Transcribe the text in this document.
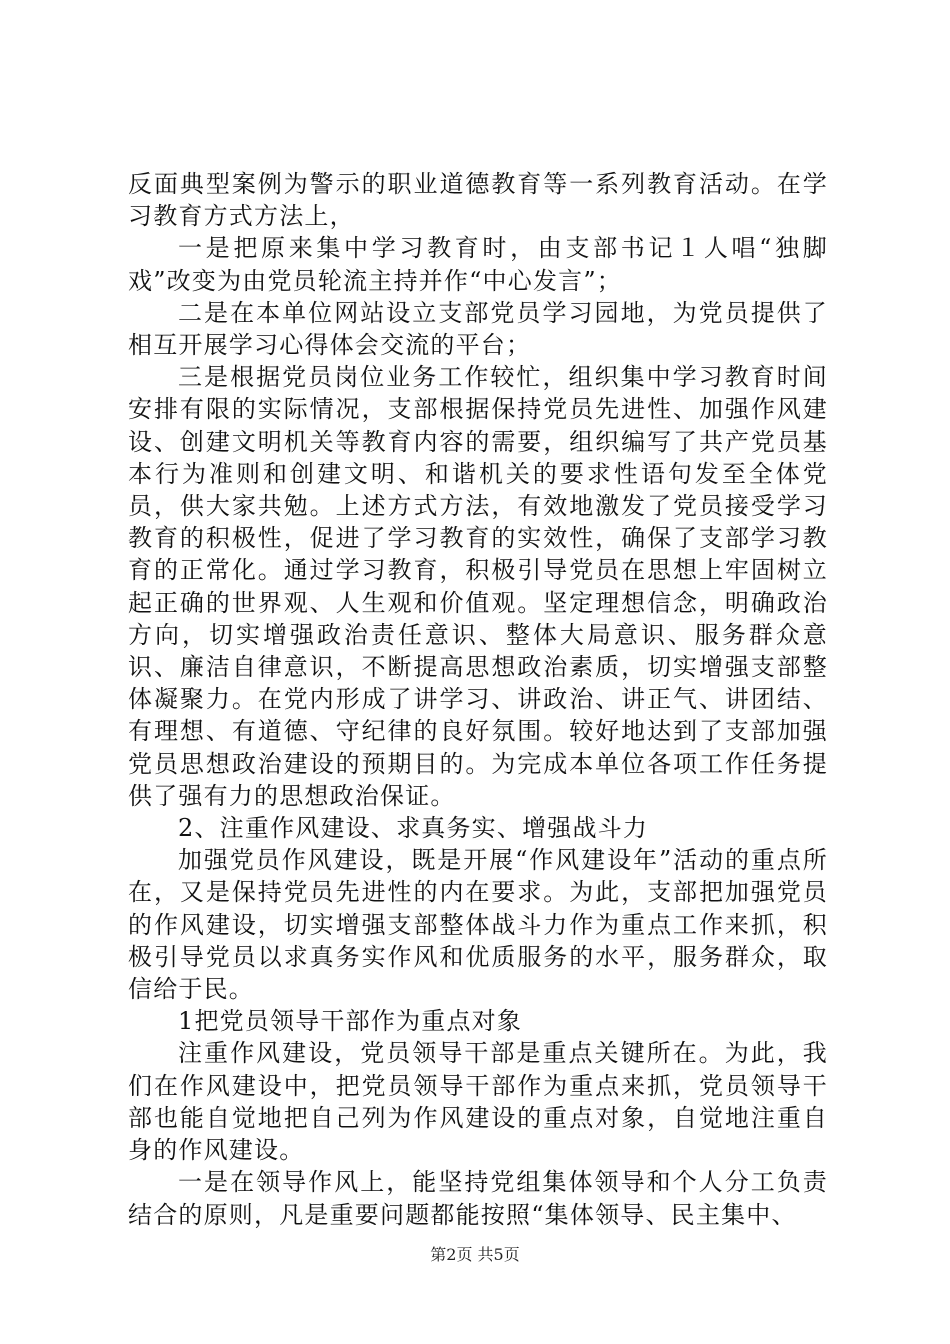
反面典型案例为警示的职业道德教育等一系列教育活动。在学习教育方式方法上，

一是把原来集中学习教育时，由支部书记１人唱“独脚戏”改变为由党员轮流主持并作“中心发言”；

二是在本单位网站设立支部党员学习园地，为党员提供了相互开展学习心得体会交流的平台；

三是根据党员岗位业务工作较忙，组织集中学习教育时间安排有限的实际情况，支部根据保持党员先进性、加强作风建设、创建文明机关等教育内容的需要，组织编写了共产党员基本行为准则和创建文明、和谐机关的要求性语句发至全体党员，供大家共勉。上述方式方法，有效地激发了党员接受学习教育的积极性，促进了学习教育的实效性，确保了支部学习教育的正常化。通过学习教育，积极引导党员在思想上牢固树立起正确的世界观、人生观和价值观。坚定理想信念，明确政治方向，切实增强政治责任意识、整体大局意识、服务群众意识、廉洁自律意识，不断提高思想政治素质，切实增强支部整体凝聚力。在党内形成了讲学习、讲政治、讲正气、讲团结、有理想、有道德、守纪律的良好氛围。较好地达到了支部加强党员思想政治建设的预期目的。为完成本单位各项工作任务提供了强有力的思想政治保证。

2、注重作风建设、求真务实、增强战斗力

加强党员作风建设，既是开展“作风建设年”活动的重点所在，又是保持党员先进性的内在要求。为此，支部把加强党员的作风建设，切实增强支部整体战斗力作为重点工作来抓，积极引导党员以求真务实作风和优质服务的水平，服务群众，取信给于民。

1把党员领导干部作为重点对象

注重作风建设，党员领导干部是重点关键所在。为此，我们在作风建设中，把党员领导干部作为重点来抓，党员领导干部也能自觉地把自己列为作风建设的重点对象，自觉地注重自身的作风建设。

一是在领导作风上，能坚持党组集体领导和个人分工负责结合的原则，凡是重要问题都能按照“集体领导、民主集中、

第2页 共5页
